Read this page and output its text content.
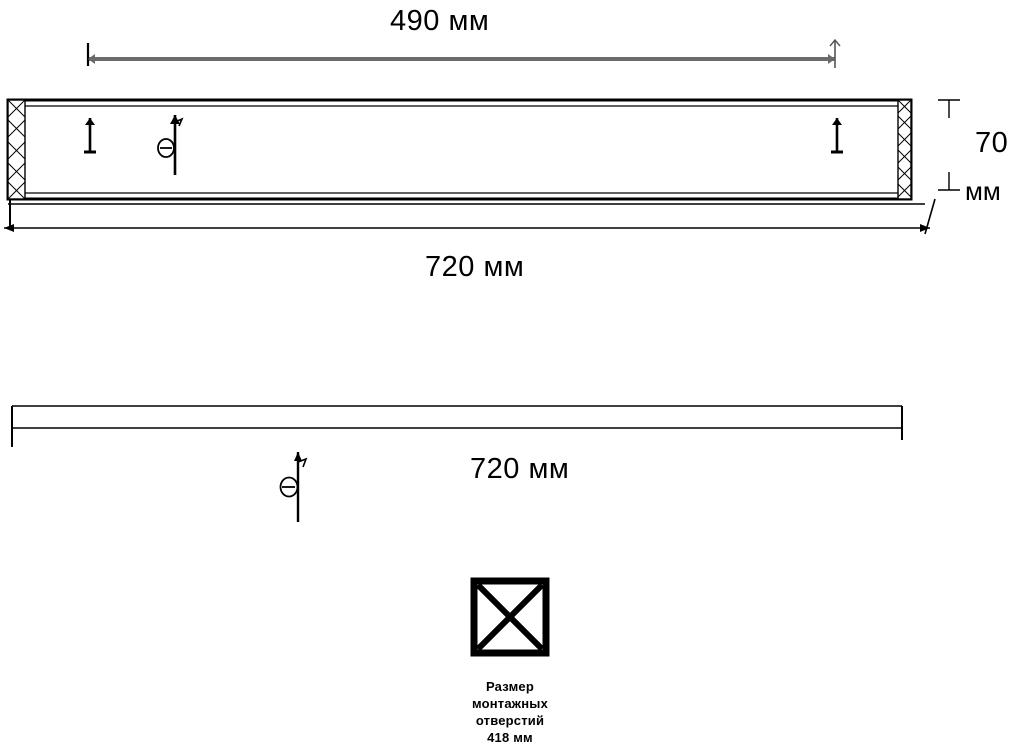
490 мм
70
мм
720 мм
720 мм
Размер
монтажных
отверстий
418 мм
